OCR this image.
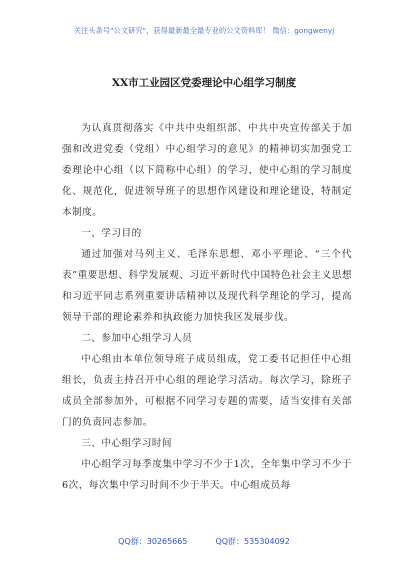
关注头条号"公文研究"，获得最新最全最专业的公文资料库！ 微信：gongwenyj
XX市工业园区党委理论中心组学习制度

为认真贯彻落实《中共中央组织部、中共中央宣传部关于加强和改进党委（党组）中心组学习的意见》的精神切实加强党工委理论中心组（以下简称中心组）的学习，使中心组的学习制度化、规范化，促进领导班子的思想作风建设和理论建设，特制定本制度。

一、学习目的

通过加强对马列主义、毛泽东思想、邓小平理论、“三个代表”重要思想、科学发展观、习近平新时代中国特色社会主义思想和习近平同志系列重要讲话精神以及现代科学理论的学习，提高领导干部的理论素养和执政能力加快我区发展步伐。

二、参加中心组学习人员

中心组由本单位领导班子成员组成，党工委书记担任中心组组长，负责主持召开中心组的理论学习活动。每次学习，除班子成员全部参加外，可根据不同学习专题的需要，适当安排有关部门的负责同志参加。

三、中心组学习时间

中心组学习每季度集中学习不少于1次，全年集中学习不少于6次，每次集中学习时间不少于半天。中心组成员每

QQ群：30265665	QQ群：535304092
